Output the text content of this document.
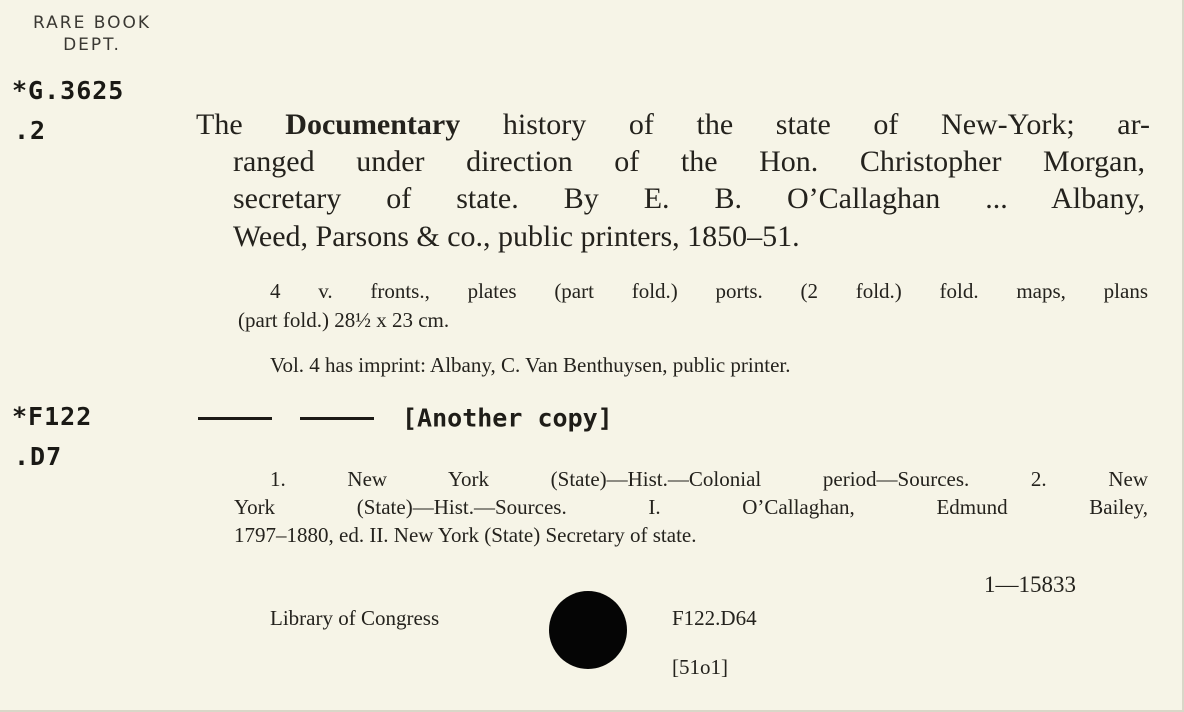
RARE BOOK
DEPT.
*G.3625
.2	The Documentary history of the state of New-York; ar-
ranged under direction of the Hon. Christopher Morgan,
secretary of state. By E. B. O’Callaghan ... Albany,
Weed, Parsons & co., public printers, 1850–51.
4 v. fronts., plates (part fold.) ports. (2 fold.) fold. maps, plans
(part fold.) 28½ x 23 cm.
Vol. 4 has imprint: Albany, C. Van Benthuysen, public printer.
*F122
.D7
[Another copy]
1. New York (State)—Hist.—Colonial period—Sources. 2. New
York (State)—Hist.—Sources. I. O’Callaghan, Edmund Bailey,
1797–1880, ed. II. New York (State) Secretary of state.
1—15833
Library of Congress	F122.D64
[51o1]
